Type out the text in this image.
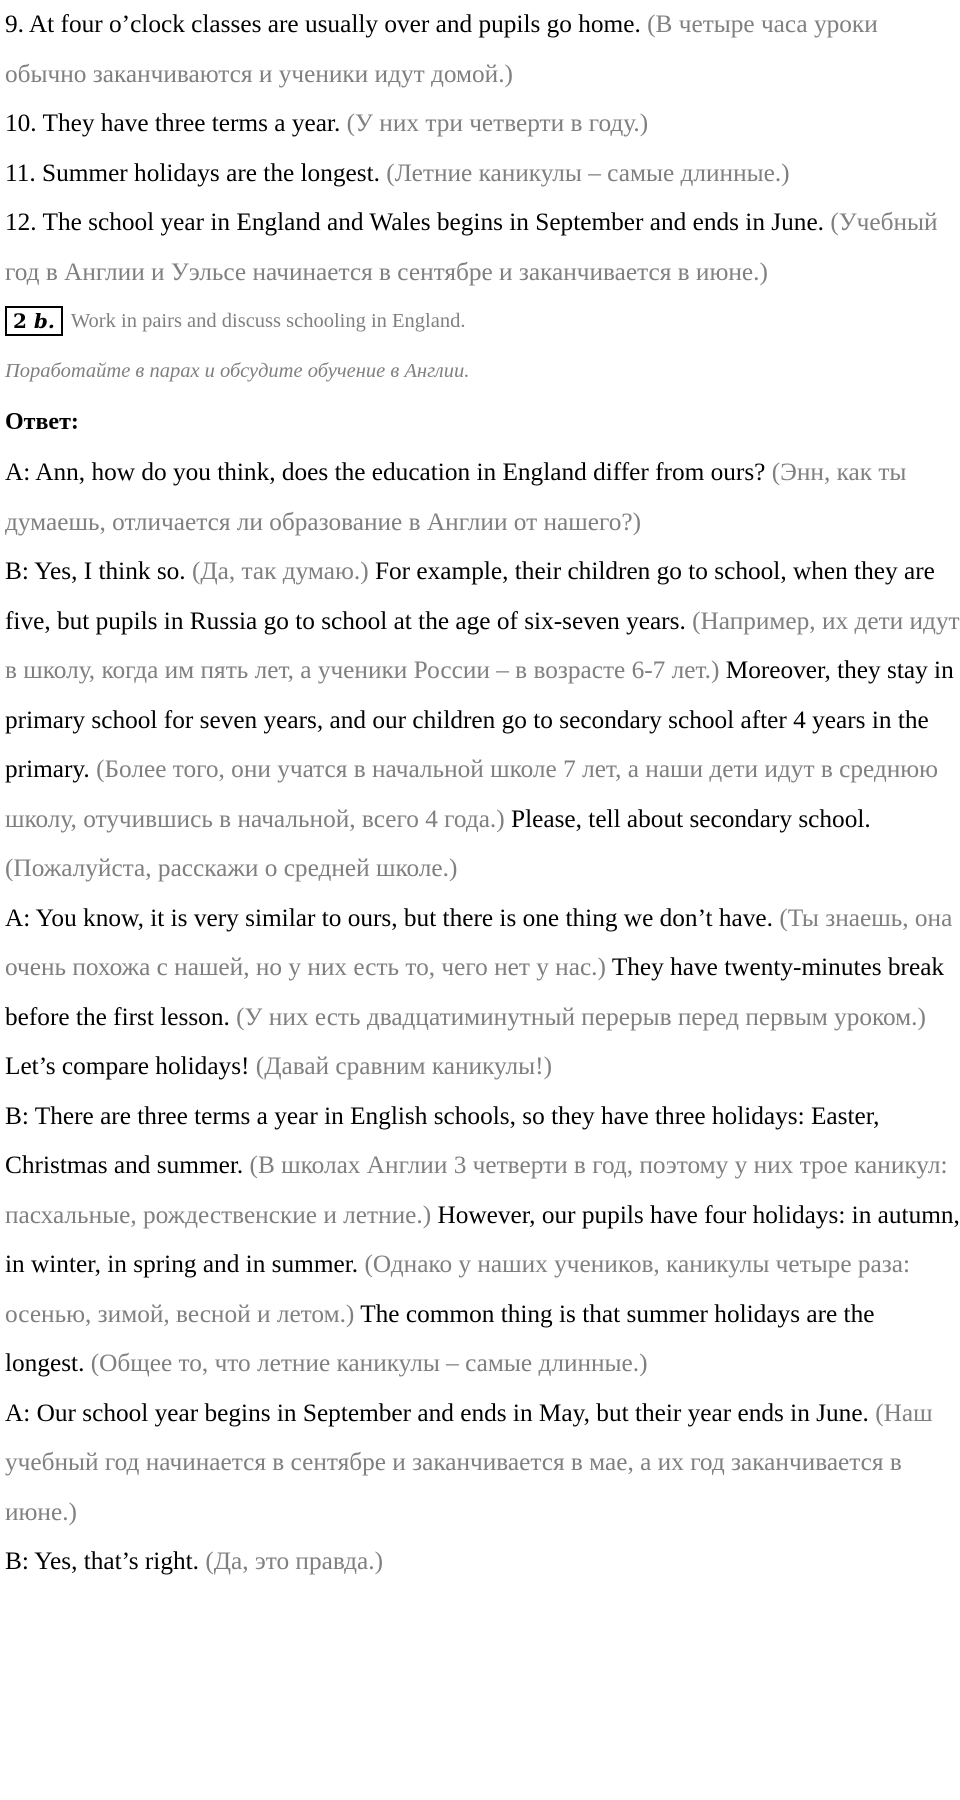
9. At four o’clock classes are usually over and pupils go home. (В четыре часа уроки обычно заканчиваются и ученики идут домой.)

10. They have three terms a year. (У них три четверти в году.)

11. Summer holidays are the longest. (Летние каникулы – самые длинные.)

12. The school year in England and Wales begins in September and ends in June. (Учебный год в Англии и Уэльсе начинается в сентябре и заканчивается в июне.)

2 b. Work in pairs and discuss schooling in England.
Поработайте в парах и обсудите обучение в Англии.
Ответ:

A: Ann, how do you think, does the education in England differ from ours? (Энн, как ты думаешь, отличается ли образование в Англии от нашего?)

B: Yes, I think so. (Да, так думаю.) For example, their children go to school, when they are five, but pupils in Russia go to school at the age of six-seven years. (Например, их дети идут в школу, когда им пять лет, а ученики России – в возрасте 6-7 лет.) Moreover, they stay in primary school for seven years, and our children go to secondary school after 4 years in the primary. (Более того, они учатся в начальной школе 7 лет, а наши дети идут в среднюю школу, отучившись в начальной, всего 4 года.) Please, tell about secondary school. (Пожалуйста, расскажи о средней школе.)

A: You know, it is very similar to ours, but there is one thing we don’t have. (Ты знаешь, она очень похожа с нашей, но у них есть то, чего нет у нас.) They have twenty-minutes break before the first lesson. (У них есть двадцатиминутный перерыв перед первым уроком.) Let’s compare holidays! (Давай сравним каникулы!)

B: There are three terms a year in English schools, so they have three holidays: Easter, Christmas and summer. (В школах Англии 3 четверти в год, поэтому у них трое каникул: пасхальные, рождественские и летние.) However, our pupils have four holidays: in autumn, in winter, in spring and in summer. (Однако у наших учеников, каникулы четыре раза: осенью, зимой, весной и летом.) The common thing is that summer holidays are the longest. (Общее то, что летние каникулы – самые длинные.)

A: Our school year begins in September and ends in May, but their year ends in June. (Наш учебный год начинается в сентябре и заканчивается в мае, а их год заканчивается в июне.)

B: Yes, that’s right. (Да, это правда.)
